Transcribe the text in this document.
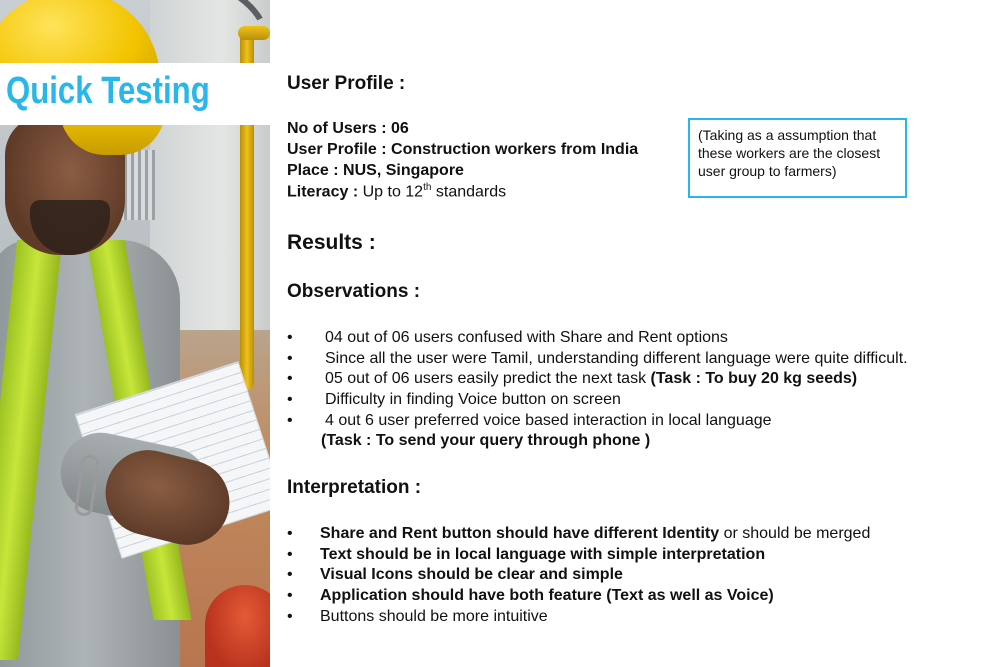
Quick Testing	User Profile :

No of Users : 06

User Profile : Construction workers from India

Place : NUS, Singapore

Literacy : Up to 12th standards

Results :

Observations :

• 04 out of 06 users confused with Share and Rent options
• Since all the user were Tamil, understanding different language were quite difficult.
• 05 out of 06 users easily predict the next task (Task : To buy 20 kg seeds)
• Difficulty in finding Voice button on screen
• 4 out 6 user preferred voice based interaction in local language

(Task : To send your query through phone )

Interpretation :

• Share and Rent button should have different Identity or should be merged
• Text should be in local language with simple interpretation
• Visual Icons should be clear and simple
• Application should have both feature (Text as well as Voice)
• Buttons should be more intuitive
(Taking as a assumption that
these workers are the closest
user group to farmers)
